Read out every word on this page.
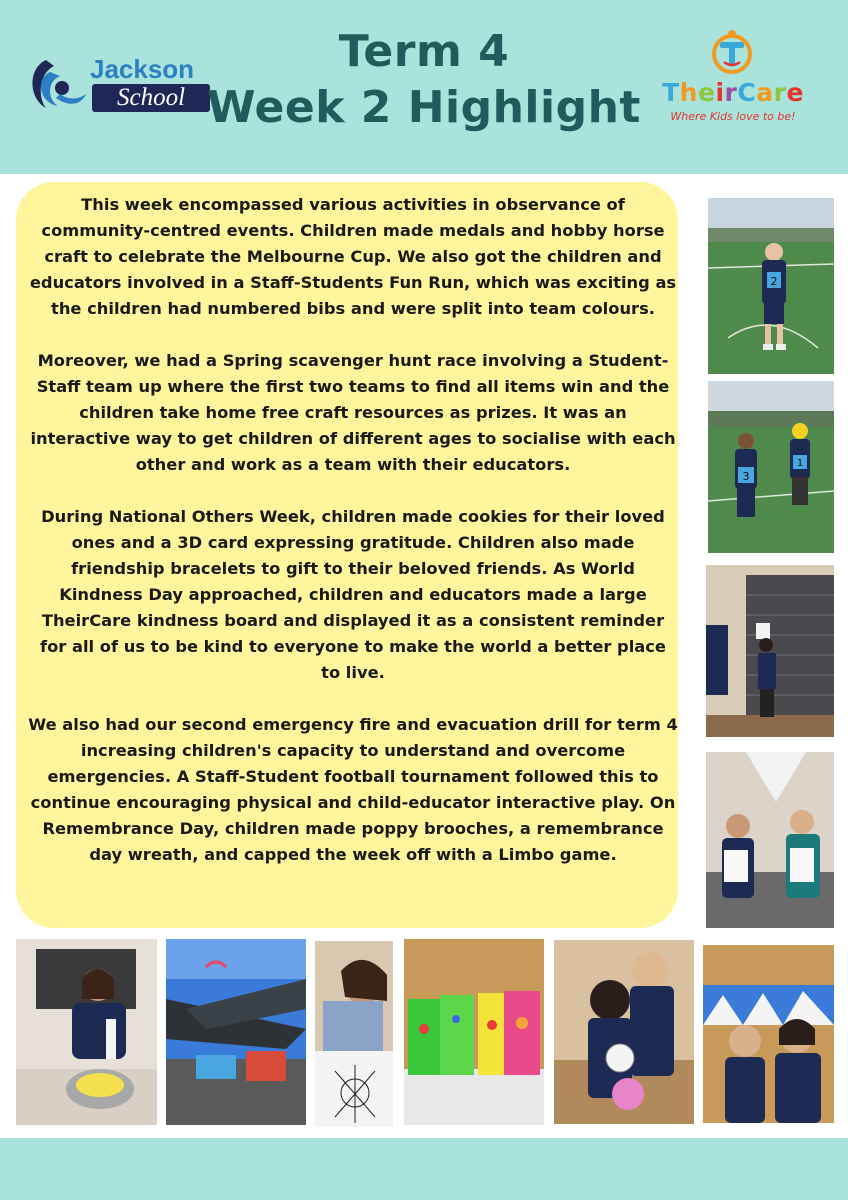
Jackson
School
Term 4
Week 2 Highlight TheirCare
Where Kids love to be!

This week encompassed various activities in observance of community-centred events. Children made medals and hobby horse craft to celebrate the Melbourne Cup. We also got the children and educators involved in a Staff-Students Fun Run, which was exciting as the children had numbered bibs and were split into team colours.

Moreover, we had a Spring scavenger hunt race involving a Student-Staff team up where the first two teams to find all items win and the children take home free craft resources as prizes. It was an interactive way to get children of different ages to socialise with each other and work as a team with their educators.

During National Others Week, children made cookies for their loved ones and a 3D card expressing gratitude. Children also made friendship bracelets to gift to their beloved friends. As World Kindness Day approached, children and educators made a large TheirCare kindness board and displayed it as a consistent reminder for all of us to be kind to everyone to make the world a better place to live.

We also had our second emergency fire and evacuation drill for term 4 increasing children's capacity to understand and overcome emergencies. A Staff-Student football tournament followed this to continue encouraging physical and child-educator interactive play. On Remembrance Day, children made poppy brooches, a remembrance day wreath, and capped the week off with a Limbo game.

2
3
1
